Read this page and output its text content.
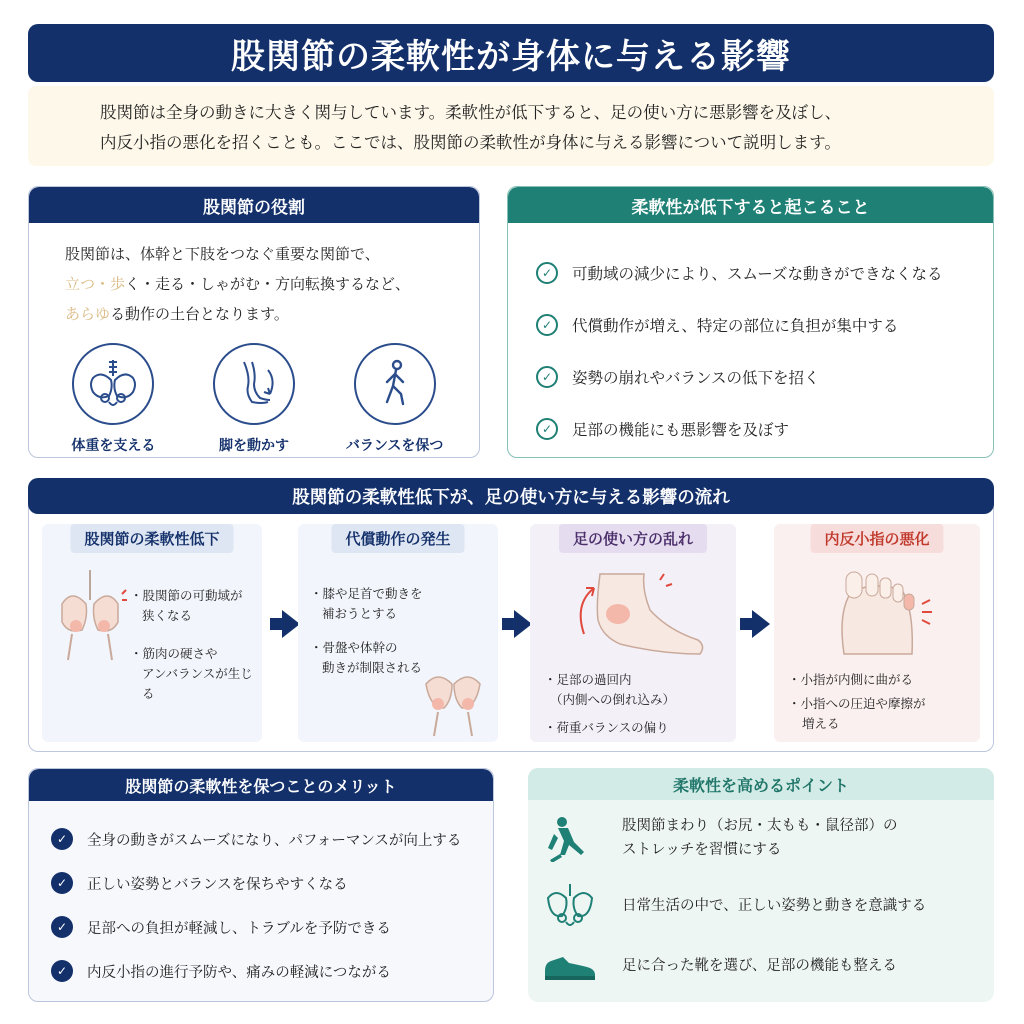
股関節の柔軟性が身体に与える影響
股関節は全身の動きに大きく関与しています。柔軟性が低下すると、足の使い方に悪影響を及ぼし、
内反小指の悪化を招くことも。ここでは、股関節の柔軟性が身体に与える影響について説明します。
股関節の役割
股関節は、体幹と下肢をつなぐ重要な関節で、
立つ・歩く・走る・しゃがむ・方向転換するなど、
あらゆる動作の土台となります。
体重を支える	脚を動かす	バランスを保つ
柔軟性が低下すると起こること
✓	可動域の減少により、スムーズな動きができなくなる
✓	代償動作が増え、特定の部位に負担が集中する
✓	姿勢の崩れやバランスの低下を招く
✓	足部の機能にも悪影響を及ぼす
股関節の柔軟性低下が、足の使い方に与える影響の流れ
股関節の柔軟性低下
・股関節の可動域が
狭くなる
・筋肉の硬さや
アンバランスが生じる
代償動作の発生
・膝や足首で動きを
補おうとする
・骨盤や体幹の
動きが制限される
足の使い方の乱れ
・足部の過回内
（内側への倒れ込み）
・荷重バランスの偏り
内反小指の悪化
・小指が内側に曲がる
・小指への圧迫や摩擦が
増える
股関節の柔軟性を保つことのメリット
✓	全身の動きがスムーズになり、パフォーマンスが向上する
✓	正しい姿勢とバランスを保ちやすくなる
✓	足部への負担が軽減し、トラブルを予防できる
✓	内反小指の進行予防や、痛みの軽減につながる
柔軟性を高めるポイント
股関節まわり（お尻・太もも・鼠径部）の
ストレッチを習慣にする
日常生活の中で、正しい姿勢と動きを意識する
足に合った靴を選び、足部の機能も整える
